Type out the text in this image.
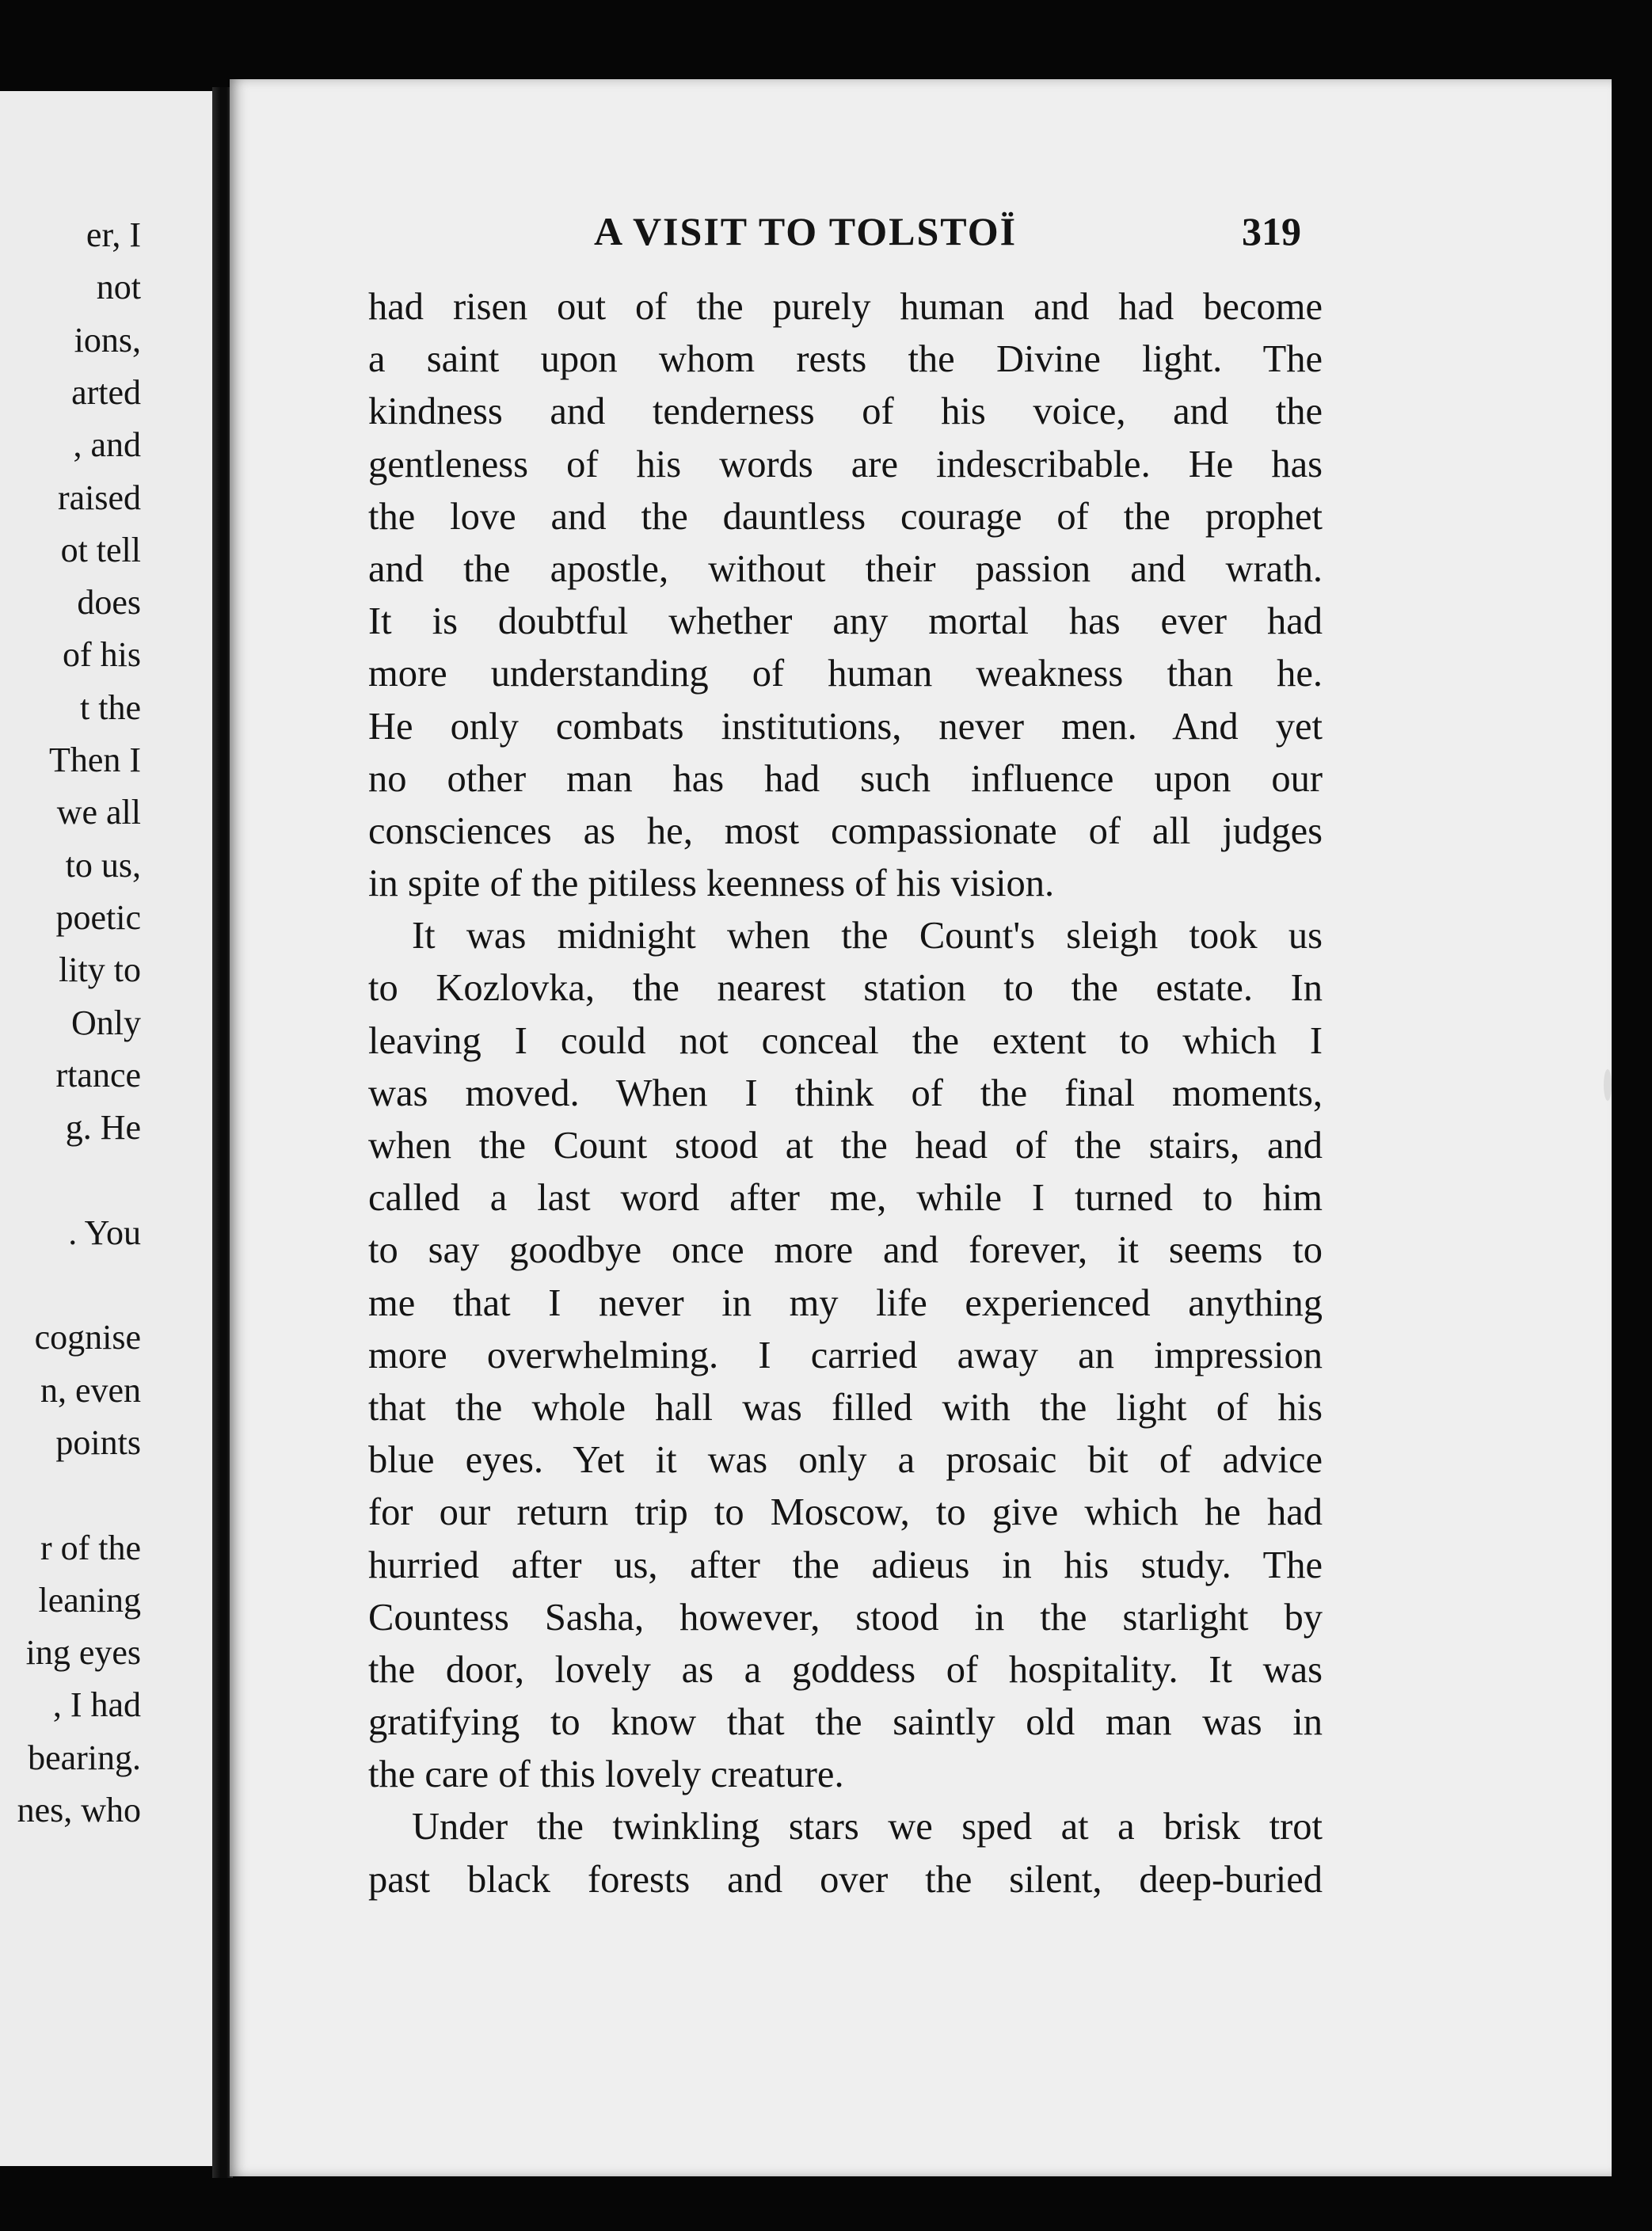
er, I
not
ions,
arted
, and
raised
ot tell
does
of his
t the
Then I
we all
to us,
poetic
lity to
Only
rtance
g. He
. You
cognise
n, even
points
r of the
leaning
ing eyes
, I had
bearing.
nes, who
A VISIT TO TOLSTOÏ	319
had risen out of the purely human and had become
a saint upon whom rests the Divine light. The
kindness and tenderness of his voice, and the
gentleness of his words are indescribable. He has
the love and the dauntless courage of the prophet
and the apostle, without their passion and wrath.
It is doubtful whether any mortal has ever had
more understanding of human weakness than he.
He only combats institutions, never men. And yet
no other man has had such influence upon our
consciences as he, most compassionate of all judges
in spite of the pitiless keenness of his vision.
It was midnight when the Count's sleigh took us
to Kozlovka, the nearest station to the estate. In
leaving I could not conceal the extent to which I
was moved. When I think of the final moments,
when the Count stood at the head of the stairs, and
called a last word after me, while I turned to him
to say goodbye once more and forever, it seems to
me that I never in my life experienced anything
more overwhelming. I carried away an impression
that the whole hall was filled with the light of his
blue eyes. Yet it was only a prosaic bit of advice
for our return trip to Moscow, to give which he had
hurried after us, after the adieus in his study. The
Countess Sasha, however, stood in the starlight by
the door, lovely as a goddess of hospitality. It was
gratifying to know that the saintly old man was in
the care of this lovely creature.
Under the twinkling stars we sped at a brisk trot
past black forests and over the silent, deep-buried
